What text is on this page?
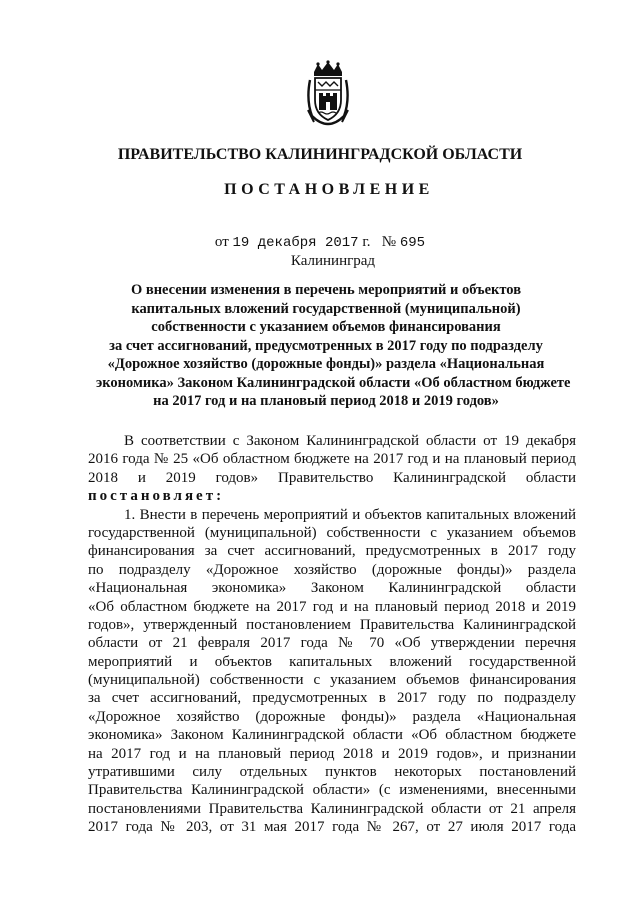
ПРАВИТЕЛЬСТВО КАЛИНИНГРАДСКОЙ ОБЛАСТИ
ПОСТАНОВЛЕНИЕ
от 19 декабря 2017 г. № 695
Калининград
О внесении изменения в перечень мероприятий и объектов
капитальных вложений государственной (муниципальной)
собственности с указанием объемов финансирования
за счет ассигнований, предусмотренных в 2017 году по подразделу
«Дорожное хозяйство (дорожные фонды)» раздела «Национальная
экономика» Законом Калининградской области «Об областном бюджете
на 2017 год и на плановый период 2018 и 2019 годов»
В соответствии с Законом Калининградской области от 19 декабря
2016 года № 25 «Об областном бюджете на 2017 год и на плановый период
2018 и 2019 годов» Правительство Калининградской области
постановляет:
1. Внести в перечень мероприятий и объектов капитальных вложений
государственной (муниципальной) собственности с указанием объемов
финансирования за счет ассигнований, предусмотренных в 2017 году
по подразделу «Дорожное хозяйство (дорожные фонды)» раздела
«Национальная экономика» Законом Калининградской области
«Об областном бюджете на 2017 год и на плановый период 2018 и 2019
годов», утвержденный постановлением Правительства Калининградской
области от 21 февраля 2017 года № 70 «Об утверждении перечня
мероприятий и объектов капитальных вложений государственной
(муниципальной) собственности с указанием объемов финансирования
за счет ассигнований, предусмотренных в 2017 году по подразделу
«Дорожное хозяйство (дорожные фонды)» раздела «Национальная
экономика» Законом Калининградской области «Об областном бюджете
на 2017 год и на плановый период 2018 и 2019 годов», и признании
утратившими силу отдельных пунктов некоторых постановлений
Правительства Калининградской области» (с изменениями, внесенными
постановлениями Правительства Калининградской области от 21 апреля
2017 года № 203, от 31 мая 2017 года № 267, от 27 июля 2017 года
